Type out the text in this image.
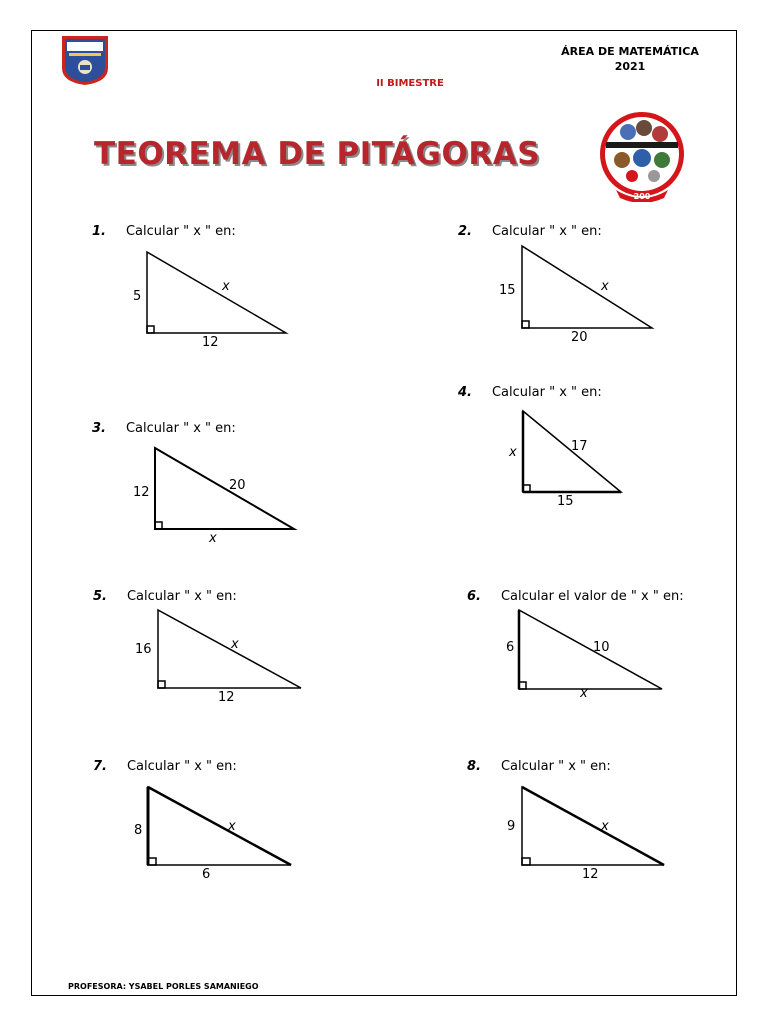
ÁREA DE MATEMÁTICA
2021
II BIMESTRE
TEOREMA DE PITÁGORAS
200
1. Calcular " x " en:	2. Calcular " x " en:
3. Calcular " x " en:
4. Calcular " x " en:
5. Calcular " x " en:	6. Calcular el valor de " x " en:
7. Calcular " x " en:	8. Calcular " x " en:
5
12
x	15
20
x
12
x
20
x
15
17
16
12
x	6
x
10
8
6
x	9
12
x
PROFESORA: YSABEL PORLES SAMANIEGO
